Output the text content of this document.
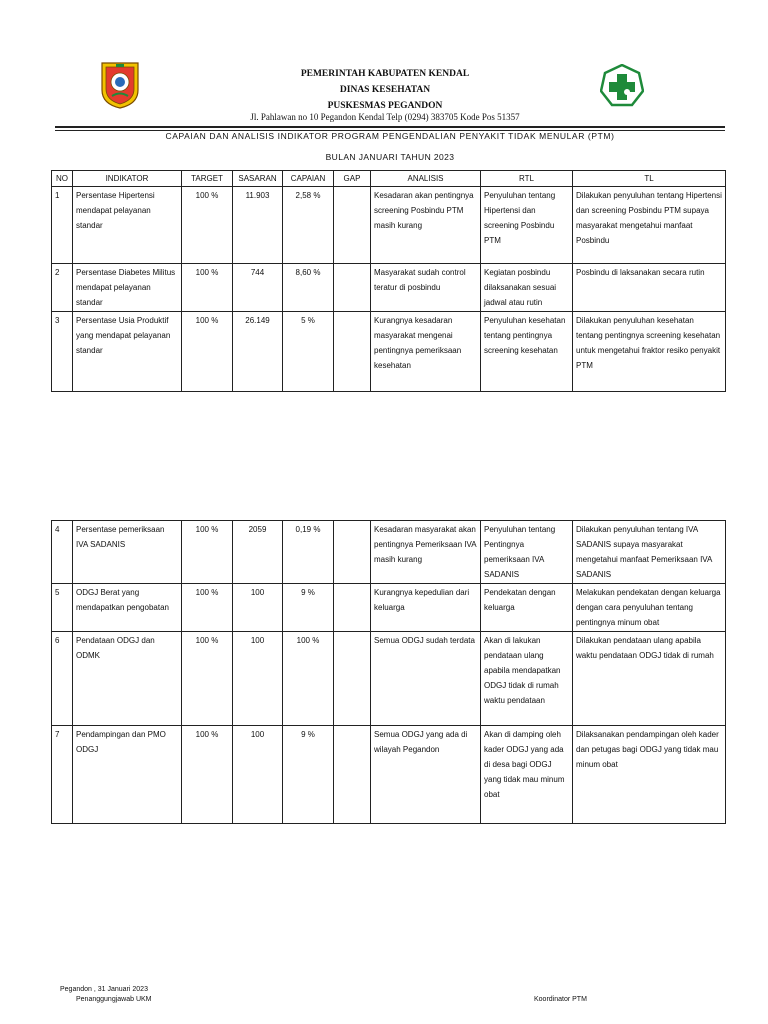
PEMERINTAH KABUPATEN KENDAL
DINAS KESEHATAN
PUSKESMAS PEGANDON
Jl. Pahlawan no 10 Pegandon Kendal Telp (0294) 383705 Kode Pos 51357
CAPAIAN DAN ANALISIS INDIKATOR PROGRAM PENGENDALIAN PENYAKIT TIDAK MENULAR (PTM)
BULAN JANUARI TAHUN 2023
NO	INDIKATOR	TARGET	SASARAN	CAPAIAN	GAP	ANALISIS	RTL	TL
1	Persentase Hipertensi mendapat pelayanan standar	100 %	11.903	2,58 %		Kesadaran akan pentingnya screening Posbindu PTM masih kurang	Penyuluhan tentang Hipertensi dan screening Posbindu PTM	Dilakukan penyuluhan tentang Hipertensi dan screening Posbindu PTM supaya masyarakat mengetahui manfaat Posbindu
2	Persentase Diabetes Militus mendapat pelayanan standar	100 %	744	8,60 %		Masyarakat sudah control teratur di posbindu	Kegiatan posbindu dilaksanakan sesuai jadwal atau rutin	Posbindu di laksanakan secara rutin
3	Persentase Usia Produktif yang mendapat pelayanan standar	100 %	26.149	5 %		Kurangnya kesadaran masyarakat mengenai pentingnya pemeriksaan kesehatan	Penyuluhan kesehatan tentang pentingnya screening kesehatan	Dilakukan penyuluhan kesehatan tentang pentingnya screening kesehatan untuk mengetahui fraktor resiko penyakit PTM
4	Persentase pemeriksaan IVA SADANIS	100 %	2059	0,19 %		Kesadaran masyarakat akan pentingnya Pemeriksaan IVA masih kurang	Penyuluhan tentang Pentingnya pemeriksaan IVA SADANIS	Dilakukan penyuluhan tentang IVA SADANIS supaya masyarakat mengetahui manfaat Pemeriksaan IVA SADANIS
5	ODGJ Berat yang mendapatkan pengobatan	100 %	100	9 %		Kurangnya kepedulian dari keluarga	Pendekatan dengan keluarga	Melakukan pendekatan dengan keluarga dengan cara penyuluhan tentang pentingnya minum obat
6	Pendataan ODGJ dan ODMK	100 %	100	100 %		Semua ODGJ sudah terdata	Akan di lakukan pendataan ulang apabila mendapatkan ODGJ tidak di rumah waktu pendataan	Dilakukan pendataan ulang apabila waktu pendataan ODGJ tidak di rumah
7	Pendampingan dan PMO ODGJ	100 %	100	9 %		Semua ODGJ yang ada di wilayah Pegandon	Akan di damping oleh kader ODGJ yang ada di desa bagi ODGJ yang tidak mau minum obat	Dilaksanakan pendampingan oleh kader dan petugas bagi ODGJ yang tidak mau minum obat
Pegandon , 31 Januari 2023
Penanggungjawab UKM	Koordinator PTM
